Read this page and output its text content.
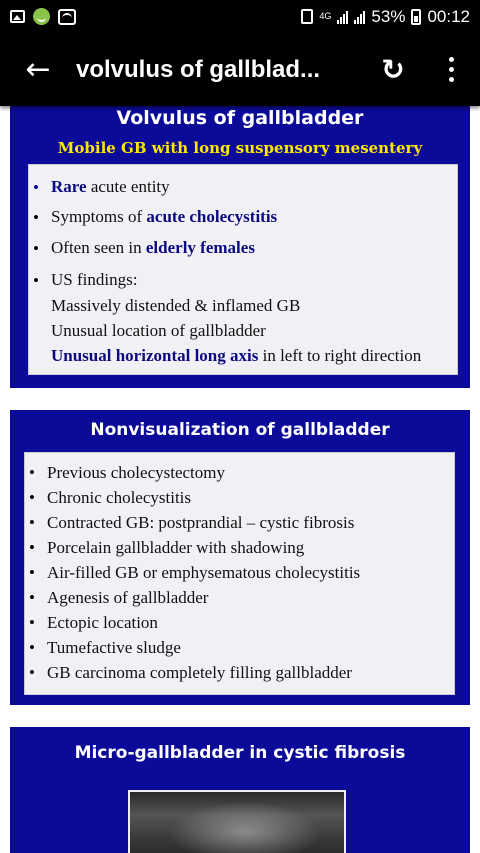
4G 53% 00:12
← volvulus of gallblad...	↻
Volvulus of gallbladder
Mobile GB with long suspensory mesentery
• Rare acute entity
• Symptoms of acute cholecystitis
• Often seen in elderly females
• US findings:
Massively distended & inflamed GB
Unusual location of gallbladder
Unusual horizontal long axis in left to right direction
Nonvisualization of gallbladder
• Previous cholecystectomy
• Chronic cholecystitis
• Contracted GB: postprandial – cystic fibrosis
• Porcelain gallbladder with shadowing
• Air-filled GB or emphysematous cholecystitis
• Agenesis of gallbladder
• Ectopic location
• Tumefactive sludge
• GB carcinoma completely filling gallbladder
Micro-gallbladder in cystic fibrosis
